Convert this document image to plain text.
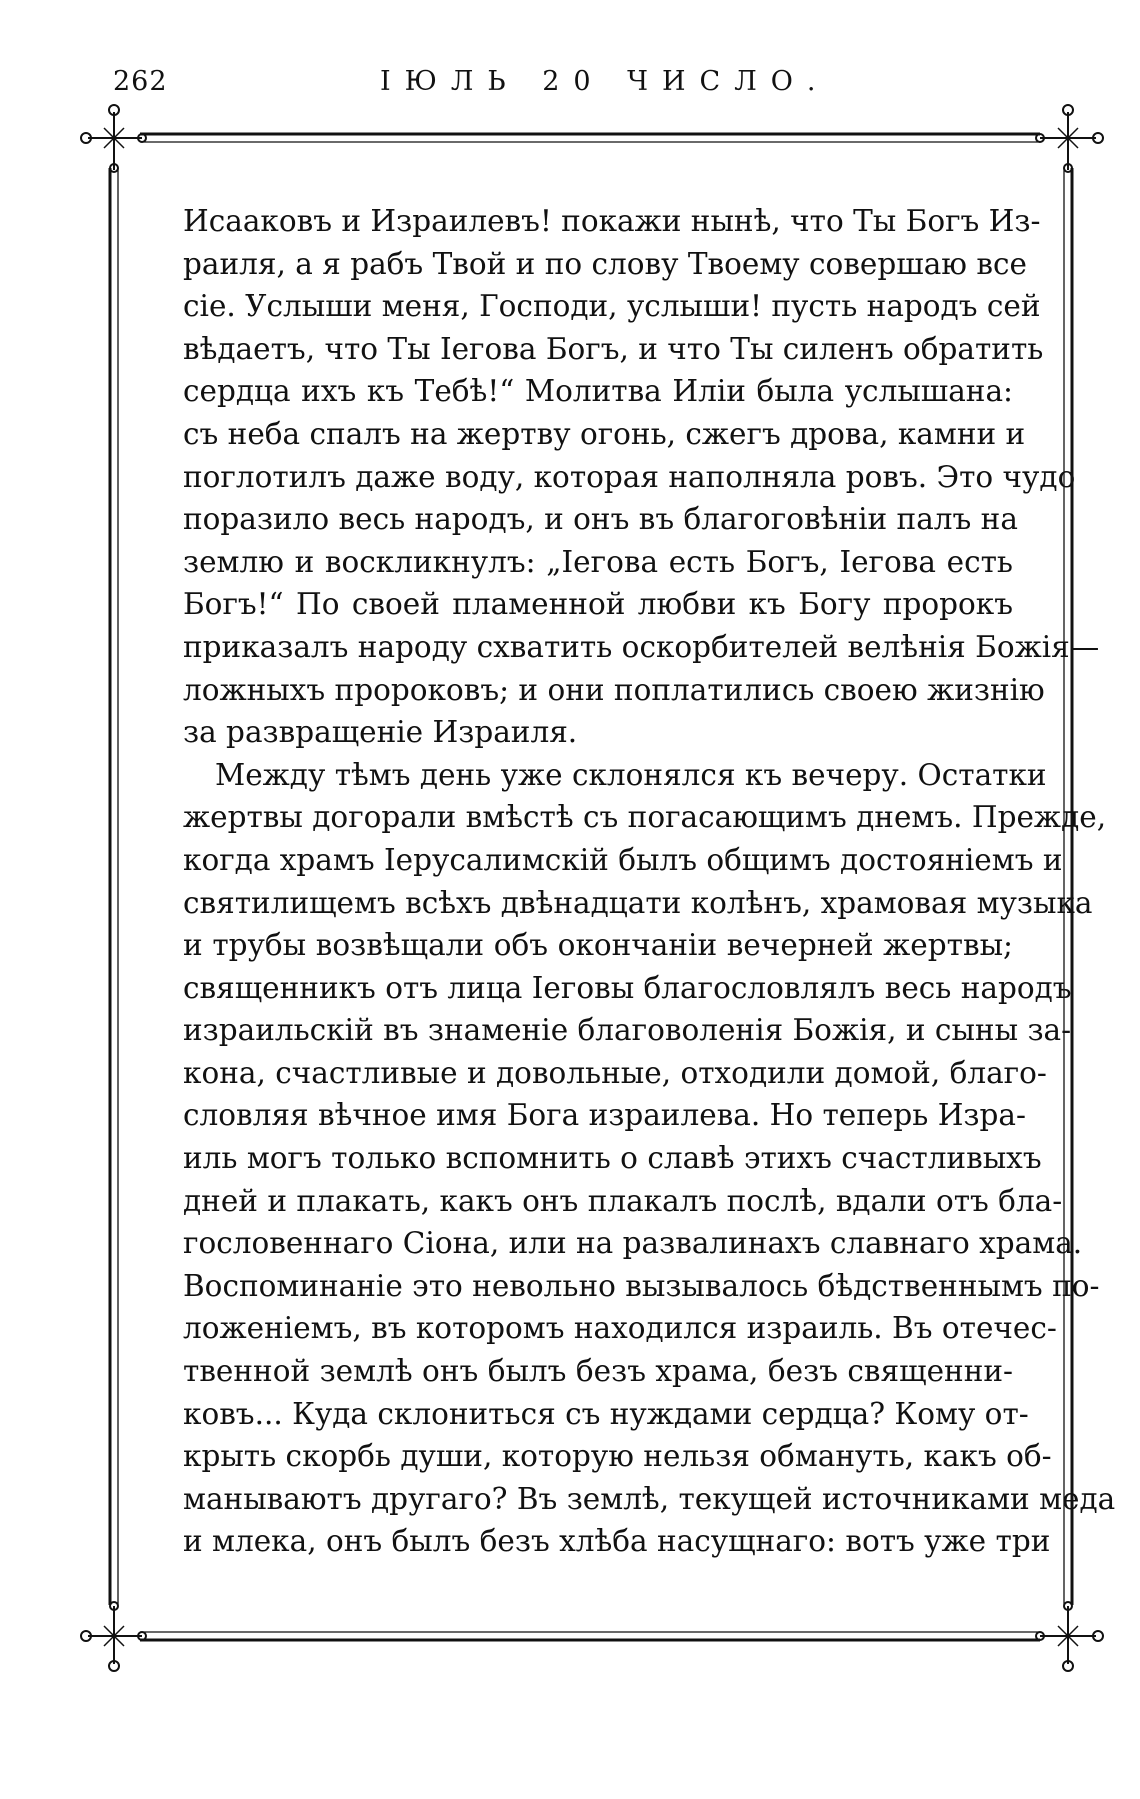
262	ІЮЛЬ 20 ЧИСЛО.

Исааковъ и Израилевъ! покажи нынѣ, что Ты Богъ Из-
раиля, а я рабъ Твой и по слову Твоему совершаю все
сіе. Услыши меня, Господи, услыши! пусть народъ сей
вѣдаетъ, что Ты Іегова Богъ, и что Ты силенъ обратить
сердца ихъ къ Тебѣ!“ Молитва Иліи была услышана:
съ неба спалъ на жертву огонь, сжегъ дрова, камни и
поглотилъ даже воду, которая наполняла ровъ. Это чудо
поразило весь народъ, и онъ въ благоговѣніи палъ на
землю и воскликнулъ: „Іегова есть Богъ, Іегова есть
Богъ!“ По своей пламенной любви къ Богу пророкъ
приказалъ народу схватить оскорбителей велѣнія Божія—
ложныхъ пророковъ; и они поплатились своею жизнію
за развращеніе Израиля.

Между тѣмъ день уже склонялся къ вечеру. Остатки
жертвы догорали вмѣстѣ съ погасающимъ днемъ. Прежде,
когда храмъ Іерусалимскій былъ общимъ достояніемъ и
святилищемъ всѣхъ двѣнадцати колѣнъ, храмовая музыка
и трубы возвѣщали объ окончаніи вечерней жертвы;
священникъ отъ лица Іеговы благословлялъ весь народъ
израильскій въ знаменіе благоволенія Божія, и сыны за-
кона, счастливые и довольные, отходили домой, благо-
словляя вѣчное имя Бога израилева. Но теперь Изра-
иль могъ только вспомнить о славѣ этихъ счастливыхъ
дней и плакать, какъ онъ плакалъ послѣ, вдали отъ бла-
гословеннаго Сіона, или на развалинахъ славнаго храма.
Воспоминаніе это невольно вызывалось бѣдственнымъ по-
ложеніемъ, въ которомъ находился израиль. Въ отечес-
твенной землѣ онъ былъ безъ храма, безъ священни-
ковъ... Куда склониться съ нуждами сердца? Кому от-
крыть скорбь души, которую нельзя обмануть, какъ об-
манываютъ другаго? Въ землѣ, текущей источниками меда
и млека, онъ былъ безъ хлѣба насущнаго: вотъ уже три
